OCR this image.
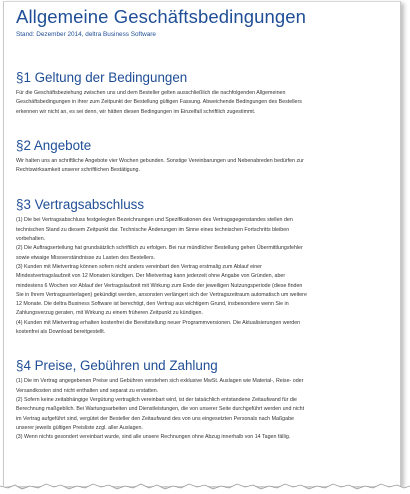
Allgemeine Geschäftsbedingungen
Stand: Dezember 2014, deltra Business Software
§1 Geltung der Bedingungen
Für die Geschäftsbeziehung zwischen uns und dem Besteller gelten ausschließlich die nachfolgenden Allgemeinen
Geschäftsbedingungen in ihrer zum Zeitpunkt der Bestellung gültigen Fassung. Abweichende Bedingungen des Bestellers
erkennen wir nicht an, es sei denn, wir hätten diesen Bedingungen im Einzelfall schriftlich zugestimmt.
§2 Angebote
Wir halten uns an schriftliche Angebote vier Wochen gebunden. Sonstige Vereinbarungen und Nebenabreden bedürfen zur
Rechtswirksamkeit unserer schriftlichen Bestätigung.
§3 Vertragsabschluss
(1) Die bei Vertragsabschluss festgelegten Bezeichnungen und Spezifikationen des Vertragsgegenstandes stellen den
technischen Stand zu diesem Zeitpunkt dar. Technische Änderungen im Sinne eines technischen Fortschritts bleiben
vorbehalten.
(2) Die Auftragserteilung hat grundsätzlich schriftlich zu erfolgen. Bei nur mündlicher Bestellung gehen Übermittlungsfehler
sowie etwaige Missverständnisse zu Lasten des Bestellers.
(3) Kunden mit Mietvertrag können sofern nicht anders vereinbart den Vertrag erstmalig zum Ablauf einer
Mindestvertragslaufzeit von 12 Monaten kündigen. Der Mietvertrag kann jederzeit ohne Angabe von Gründen, aber
mindestens 6 Wochen vor Ablauf der Vertragslaufzeit mit Wirkung zum Ende der jeweiligen Nutzungsperiode (diese finden
Sie in Ihrem Vertragsunterlagen) gekündigt werden, ansonsten verlängert sich der Vertragszeitraum automatisch um weitere
12 Monate. Die deltra Business Software ist berechtigt, den Vertrag aus wichtigem Grund, insbesondere wenn Sie in
Zahlungsverzug geraten, mit Wirkung zu einem früheren Zeitpunkt zu kündigen.
(4) Kunden mit Mietvertrag erhalten kostenfrei die Bereitstellung neuer Programmversionen. Die Aktualisierungen werden
kostenfrei als Download bereitgestellt.
§4 Preise, Gebühren und Zahlung
(1) Die im Vertrag angegebenen Preise und Gebühren verstehen sich exklusive MwSt. Auslagen wie Material-, Reise- oder
Versandkosten sind nicht enthalten und separat zu erstatten.
(2) Sofern keine zeitabhängige Vergütung vertraglich vereinbart wird, ist der tatsächlich entstandene Zeitaufwand für die
Berechnung maßgeblich. Bei Wartungsarbeiten und Dienstleistungen, die von unserer Seite durchgeführt werden und nicht
im Vertrag aufgeführt sind, vergütet der Besteller den Zeitaufwand des von uns eingesetzten Personals nach Maßgabe
unserer jeweils gültigen Preisliste zzgl. aller Auslagen.
(3) Wenn nichts gesondert vereinbart wurde, sind alle unsere Rechnungen ohne Abzug innerhalb von 14 Tagen fällig.
